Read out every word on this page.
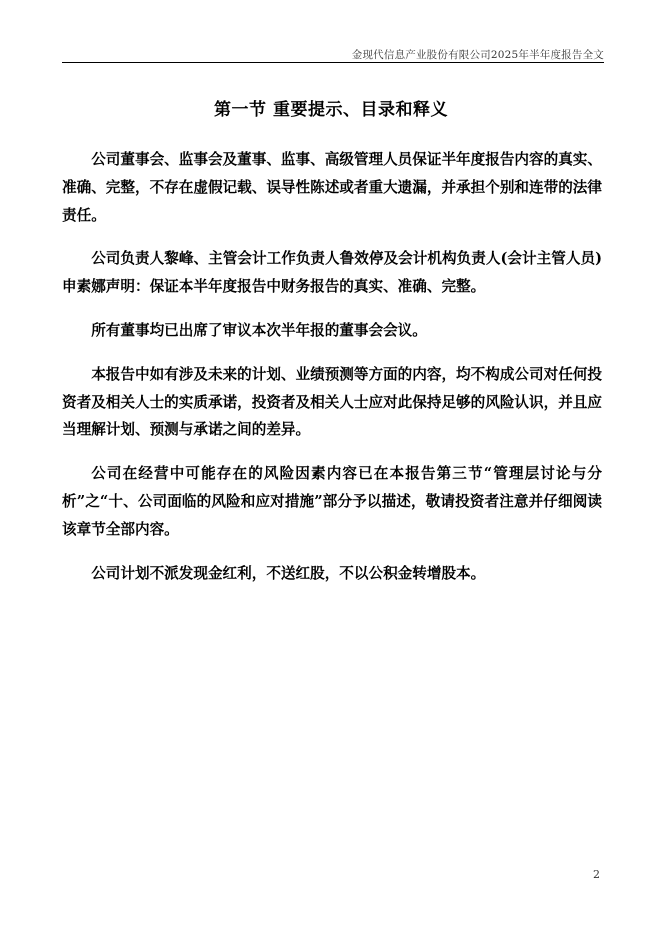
金现代信息产业股份有限公司2025年半年度报告全文
第一节 重要提示、目录和释义

公司董事会、监事会及董事、监事、高级管理人员保证半年度报告内容的真实、准确、完整，不存在虚假记载、误导性陈述或者重大遗漏，并承担个别和连带的法律责任。

公司负责人黎峰、主管会计工作负责人鲁效停及会计机构负责人(会计主管人员)申素娜声明：保证本半年度报告中财务报告的真实、准确、完整。

所有董事均已出席了审议本次半年报的董事会会议。

本报告中如有涉及未来的计划、业绩预测等方面的内容，均不构成公司对任何投资者及相关人士的实质承诺，投资者及相关人士应对此保持足够的风险认识，并且应当理解计划、预测与承诺之间的差异。

公司在经营中可能存在的风险因素内容已在本报告第三节“管理层讨论与分析”之“十、公司面临的风险和应对措施”部分予以描述，敬请投资者注意并仔细阅读该章节全部内容。

公司计划不派发现金红利，不送红股，不以公积金转增股本。

2
